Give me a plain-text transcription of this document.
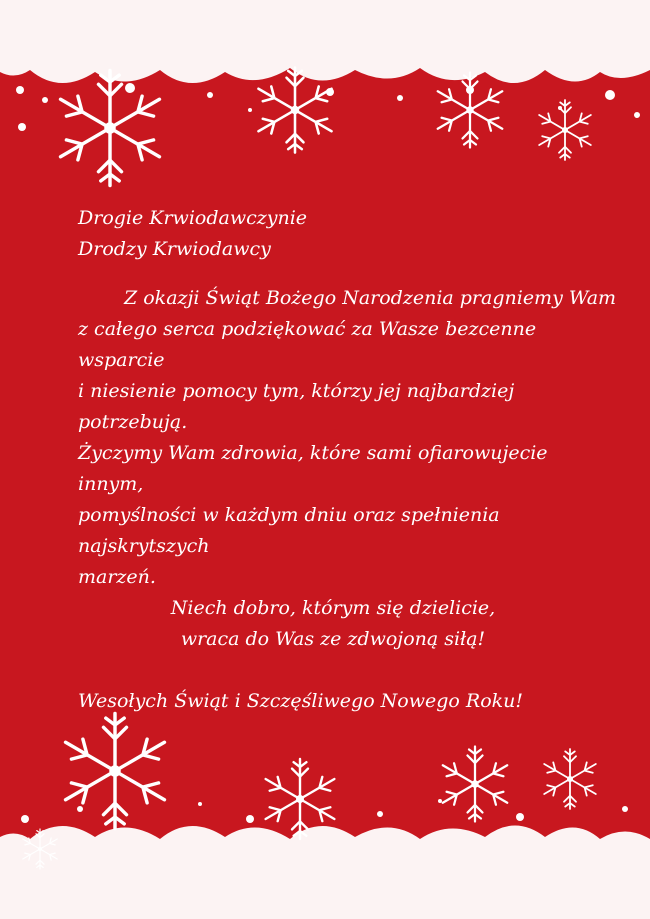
Drogie Krwiodawczynie

Drodzy Krwiodawcy

Z okazji Świąt Bożego Narodzenia pragniemy Wam

z całego serca podziękować za Wasze bezcenne wsparcie

i niesienie pomocy tym, którzy jej najbardziej potrzebują.

Życzymy Wam zdrowia, które sami ofiarowujecie innym,

pomyślności w każdym dniu oraz spełnienia najskrytszych

marzeń.

Niech dobro, którym się dzielicie,

wraca do Was ze zdwojoną siłą!

Wesołych Świąt i Szczęśliwego Nowego Roku!
